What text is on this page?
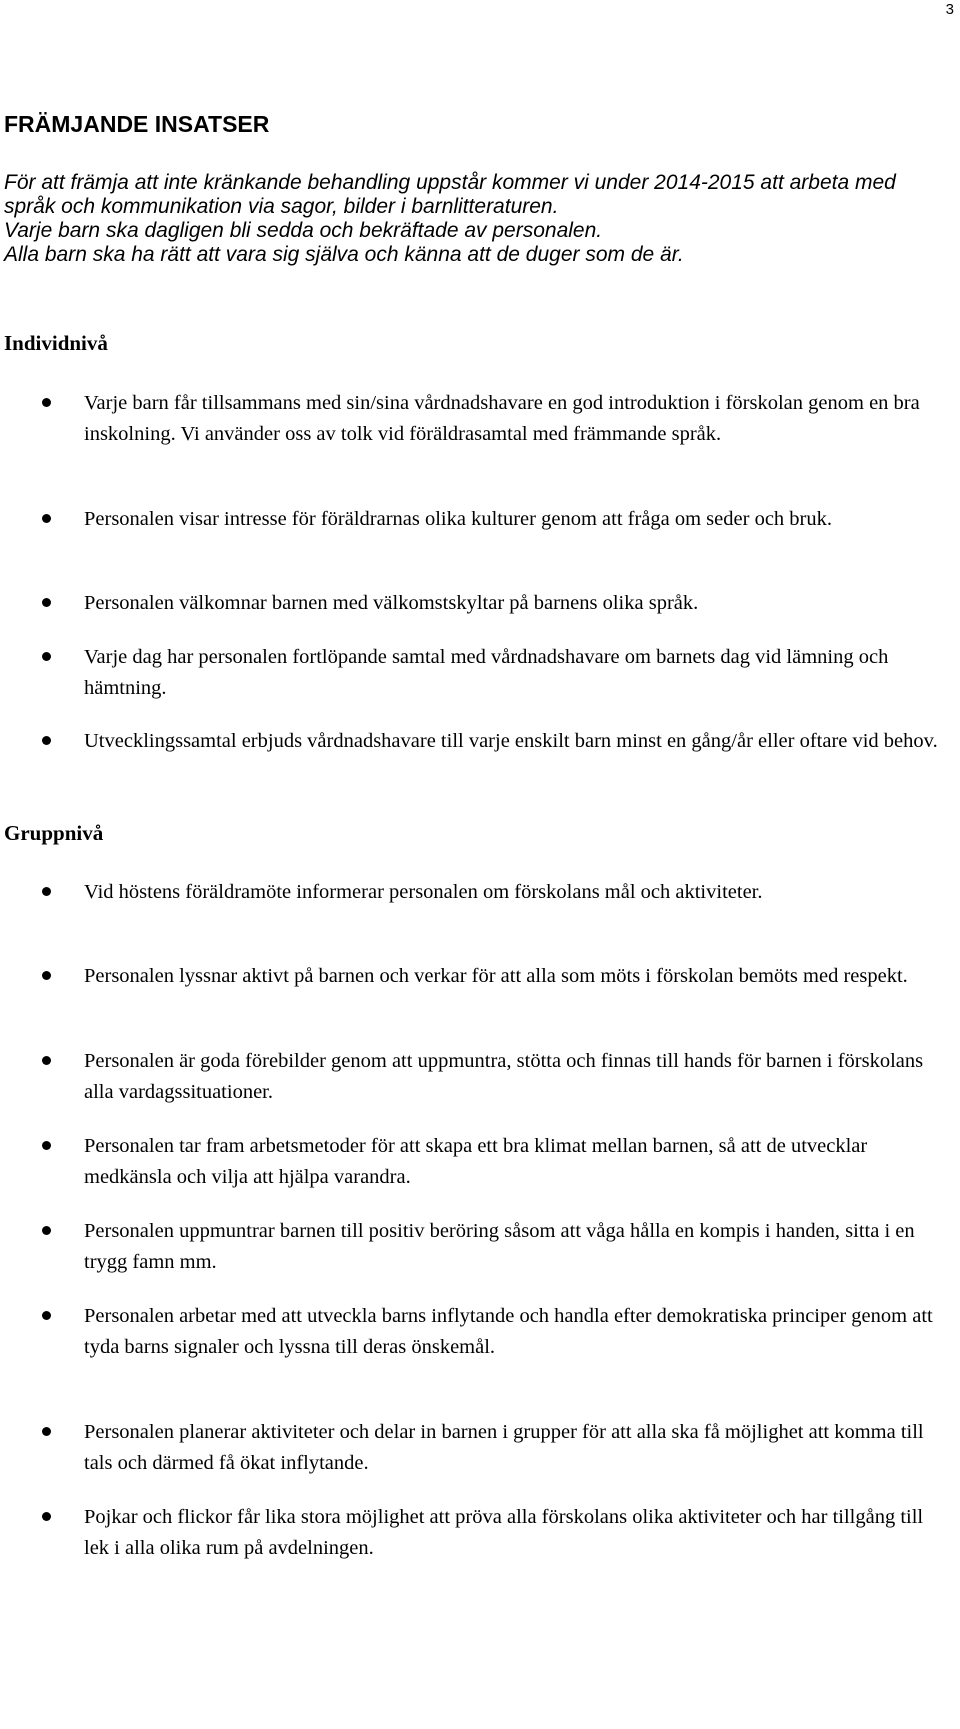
3
FRÄMJANDE INSATSER

För att främja att inte kränkande behandling uppstår kommer vi under 2014-2015 att arbeta med språk och kommunikation via sagor, bilder i barnlitteraturen.

Varje barn ska dagligen bli sedda och bekräftade av personalen.

Alla barn ska ha rätt att vara sig själva och känna att de duger som de är.

Individnivå
Varje barn får tillsammans med sin/sina vårdnadshavare en god introduktion i förskolan genom en bra inskolning. Vi använder oss av tolk vid föräldrasamtal med främmande språk.
Personalen visar intresse för föräldrarnas olika kulturer genom att fråga om seder och bruk.
Personalen välkomnar barnen med välkomstskyltar på barnens olika språk.
Varje dag har personalen fortlöpande samtal med vårdnadshavare om barnets dag vid lämning och hämtning.
Utvecklingssamtal erbjuds vårdnadshavare till varje enskilt barn minst en gång/år eller oftare vid behov.
Gruppnivå
Vid höstens föräldramöte informerar personalen om förskolans mål och aktiviteter.
Personalen lyssnar aktivt på barnen och verkar för att alla som möts i förskolan bemöts med respekt.
Personalen är goda förebilder genom att uppmuntra, stötta och finnas till hands för barnen i förskolans alla vardagssituationer.
Personalen tar fram arbetsmetoder för att skapa ett bra klimat mellan barnen, så att de utvecklar medkänsla och vilja att hjälpa varandra.
Personalen uppmuntrar barnen till positiv beröring såsom att våga hålla en kompis i handen, sitta i en trygg famn mm.
Personalen arbetar med att utveckla barns inflytande och handla efter demokratiska principer genom att tyda barns signaler och lyssna till deras önskemål.
Personalen planerar aktiviteter och delar in barnen i grupper för att alla ska få möjlighet att komma till tals och därmed få ökat inflytande.
Pojkar och flickor får lika stora möjlighet att pröva alla förskolans olika aktiviteter och har tillgång till lek i alla olika rum på avdelningen.
